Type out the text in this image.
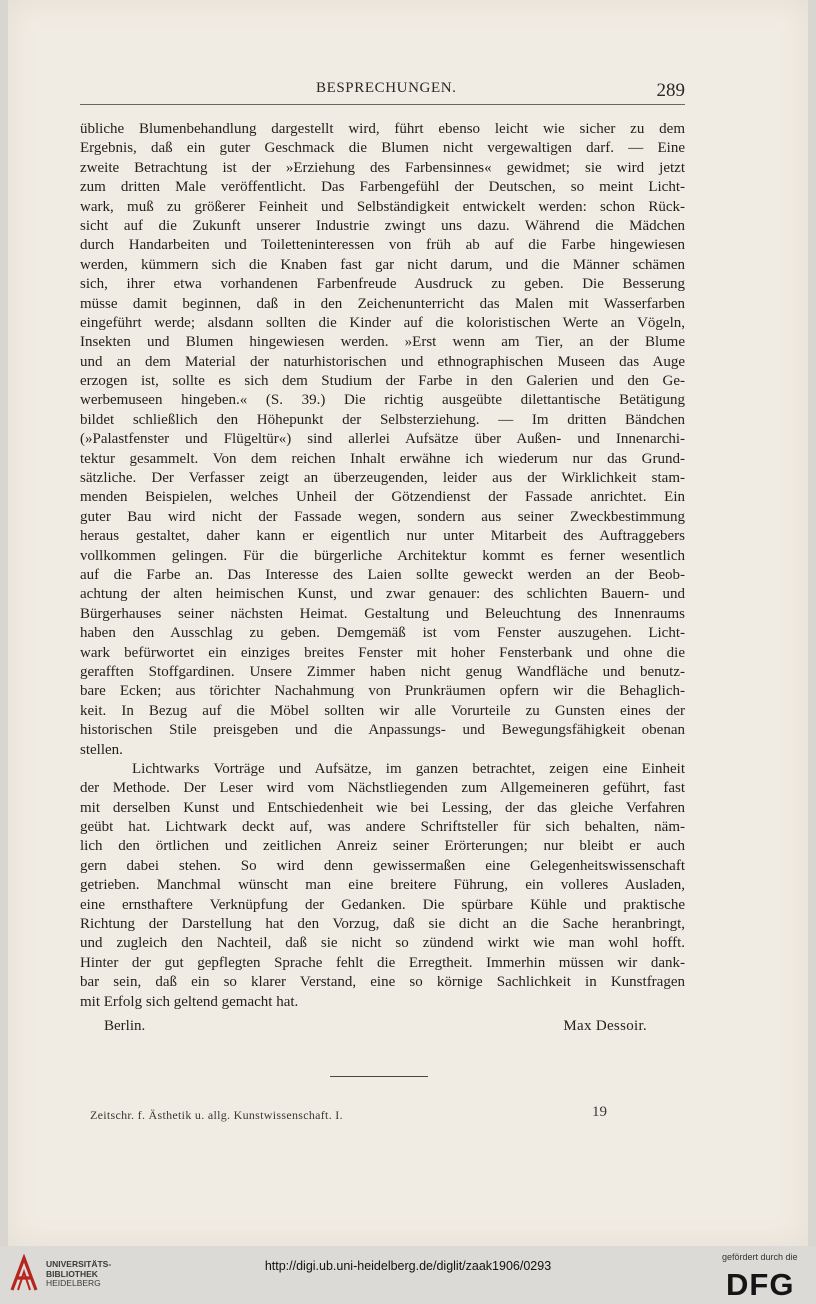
BESPRECHUNGEN.	289
übliche Blumenbehandlung dargestellt wird, führt ebenso leicht wie sicher zu dem
Ergebnis, daß ein guter Geschmack die Blumen nicht vergewaltigen darf. — Eine
zweite Betrachtung ist der »Erziehung des Farbensinnes« gewidmet; sie wird jetzt
zum dritten Male veröffentlicht. Das Farbengefühl der Deutschen, so meint Licht-
wark, muß zu größerer Feinheit und Selbständigkeit entwickelt werden: schon Rück-
sicht auf die Zukunft unserer Industrie zwingt uns dazu. Während die Mädchen
durch Handarbeiten und Toiletteninteressen von früh ab auf die Farbe hingewiesen
werden, kümmern sich die Knaben fast gar nicht darum, und die Männer schämen
sich, ihrer etwa vorhandenen Farbenfreude Ausdruck zu geben. Die Besserung
müsse damit beginnen, daß in den Zeichenunterricht das Malen mit Wasserfarben
eingeführt werde; alsdann sollten die Kinder auf die koloristischen Werte an Vögeln,
Insekten und Blumen hingewiesen werden. »Erst wenn am Tier, an der Blume
und an dem Material der naturhistorischen und ethnographischen Museen das Auge
erzogen ist, sollte es sich dem Studium der Farbe in den Galerien und den Ge-
werbemuseen hingeben.« (S. 39.) Die richtig ausgeübte dilettantische Betätigung
bildet schließlich den Höhepunkt der Selbsterziehung. — Im dritten Bändchen
(»Palastfenster und Flügeltür«) sind allerlei Aufsätze über Außen- und Innenarchi-
tektur gesammelt. Von dem reichen Inhalt erwähne ich wiederum nur das Grund-
sätzliche. Der Verfasser zeigt an überzeugenden, leider aus der Wirklichkeit stam-
menden Beispielen, welches Unheil der Götzendienst der Fassade anrichtet. Ein
guter Bau wird nicht der Fassade wegen, sondern aus seiner Zweckbestimmung
heraus gestaltet, daher kann er eigentlich nur unter Mitarbeit des Auftraggebers
vollkommen gelingen. Für die bürgerliche Architektur kommt es ferner wesentlich
auf die Farbe an. Das Interesse des Laien sollte geweckt werden an der Beob-
achtung der alten heimischen Kunst, und zwar genauer: des schlichten Bauern- und
Bürgerhauses seiner nächsten Heimat. Gestaltung und Beleuchtung des Innenraums
haben den Ausschlag zu geben. Demgemäß ist vom Fenster auszugehen. Licht-
wark befürwortet ein einziges breites Fenster mit hoher Fensterbank und ohne die
gerafften Stoffgardinen. Unsere Zimmer haben nicht genug Wandfläche und benutz-
bare Ecken; aus törichter Nachahmung von Prunkräumen opfern wir die Behaglich-
keit. In Bezug auf die Möbel sollten wir alle Vorurteile zu Gunsten eines der
historischen Stile preisgeben und die Anpassungs- und Bewegungsfähigkeit obenan
stellen.
Lichtwarks Vorträge und Aufsätze, im ganzen betrachtet, zeigen eine Einheit
der Methode. Der Leser wird vom Nächstliegenden zum Allgemeineren geführt, fast
mit derselben Kunst und Entschiedenheit wie bei Lessing, der das gleiche Verfahren
geübt hat. Lichtwark deckt auf, was andere Schriftsteller für sich behalten, näm-
lich den örtlichen und zeitlichen Anreiz seiner Erörterungen; nur bleibt er auch
gern dabei stehen. So wird denn gewissermaßen eine Gelegenheitswissenschaft
getrieben. Manchmal wünscht man eine breitere Führung, ein volleres Ausladen,
eine ernsthaftere Verknüpfung der Gedanken. Die spürbare Kühle und praktische
Richtung der Darstellung hat den Vorzug, daß sie dicht an die Sache heranbringt,
und zugleich den Nachteil, daß sie nicht so zündend wirkt wie man wohl hofft.
Hinter der gut gepflegten Sprache fehlt die Erregtheit. Immerhin müssen wir dank-
bar sein, daß ein so klarer Verstand, eine so körnige Sachlichkeit in Kunstfragen
mit Erfolg sich geltend gemacht hat.
Berlin.	Max Dessoir.
Zeitschr. f. Ästhetik u. allg. Kunstwissenschaft. I.	19
UNIVERSITÄTS-
BIBLIOTHEK
HEIDELBERG
http://digi.ub.uni-heidelberg.de/diglit/zaak1906/0293
gefördert durch die
DFG
